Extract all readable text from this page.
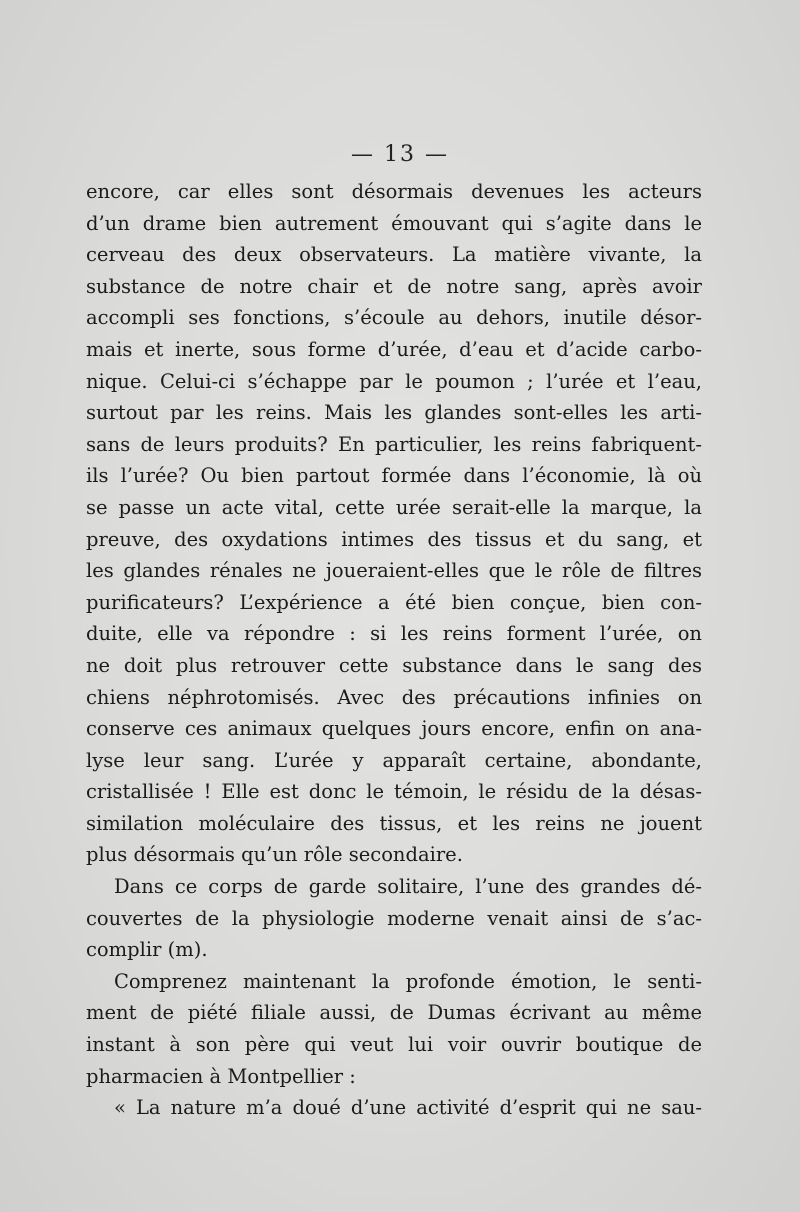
— 13 —
encore, car elles sont désormais devenues les acteurs
d’un drame bien autrement émouvant qui s’agite dans le
cerveau des deux observateurs. La matière vivante, la
substance de notre chair et de notre sang, après avoir
accompli ses fonctions, s’écoule au dehors, inutile désor-
mais et inerte, sous forme d’urée, d’eau et d’acide carbo-
nique. Celui-ci s’échappe par le poumon ; l’urée et l’eau,
surtout par les reins. Mais les glandes sont-elles les arti-
sans de leurs produits? En particulier, les reins fabriquent-
ils l’urée? Ou bien partout formée dans l’économie, là où
se passe un acte vital, cette urée serait-elle la marque, la
preuve, des oxydations intimes des tissus et du sang, et
les glandes rénales ne joueraient-elles que le rôle de filtres
purificateurs? L’expérience a été bien conçue, bien con-
duite, elle va répondre : si les reins forment l’urée, on
ne doit plus retrouver cette substance dans le sang des
chiens néphrotomisés. Avec des précautions infinies on
conserve ces animaux quelques jours encore, enfin on ana-
lyse leur sang. L’urée y apparaît certaine, abondante,
cristallisée ! Elle est donc le témoin, le résidu de la désas-
similation moléculaire des tissus, et les reins ne jouent
plus désormais qu’un rôle secondaire.
Dans ce corps de garde solitaire, l’une des grandes dé-
couvertes de la physiologie moderne venait ainsi de s’ac-
complir (m).
Comprenez maintenant la profonde émotion, le senti-
ment de piété filiale aussi, de Dumas écrivant au même
instant à son père qui veut lui voir ouvrir boutique de
pharmacien à Montpellier :
« La nature m’a doué d’une activité d’esprit qui ne sau-
